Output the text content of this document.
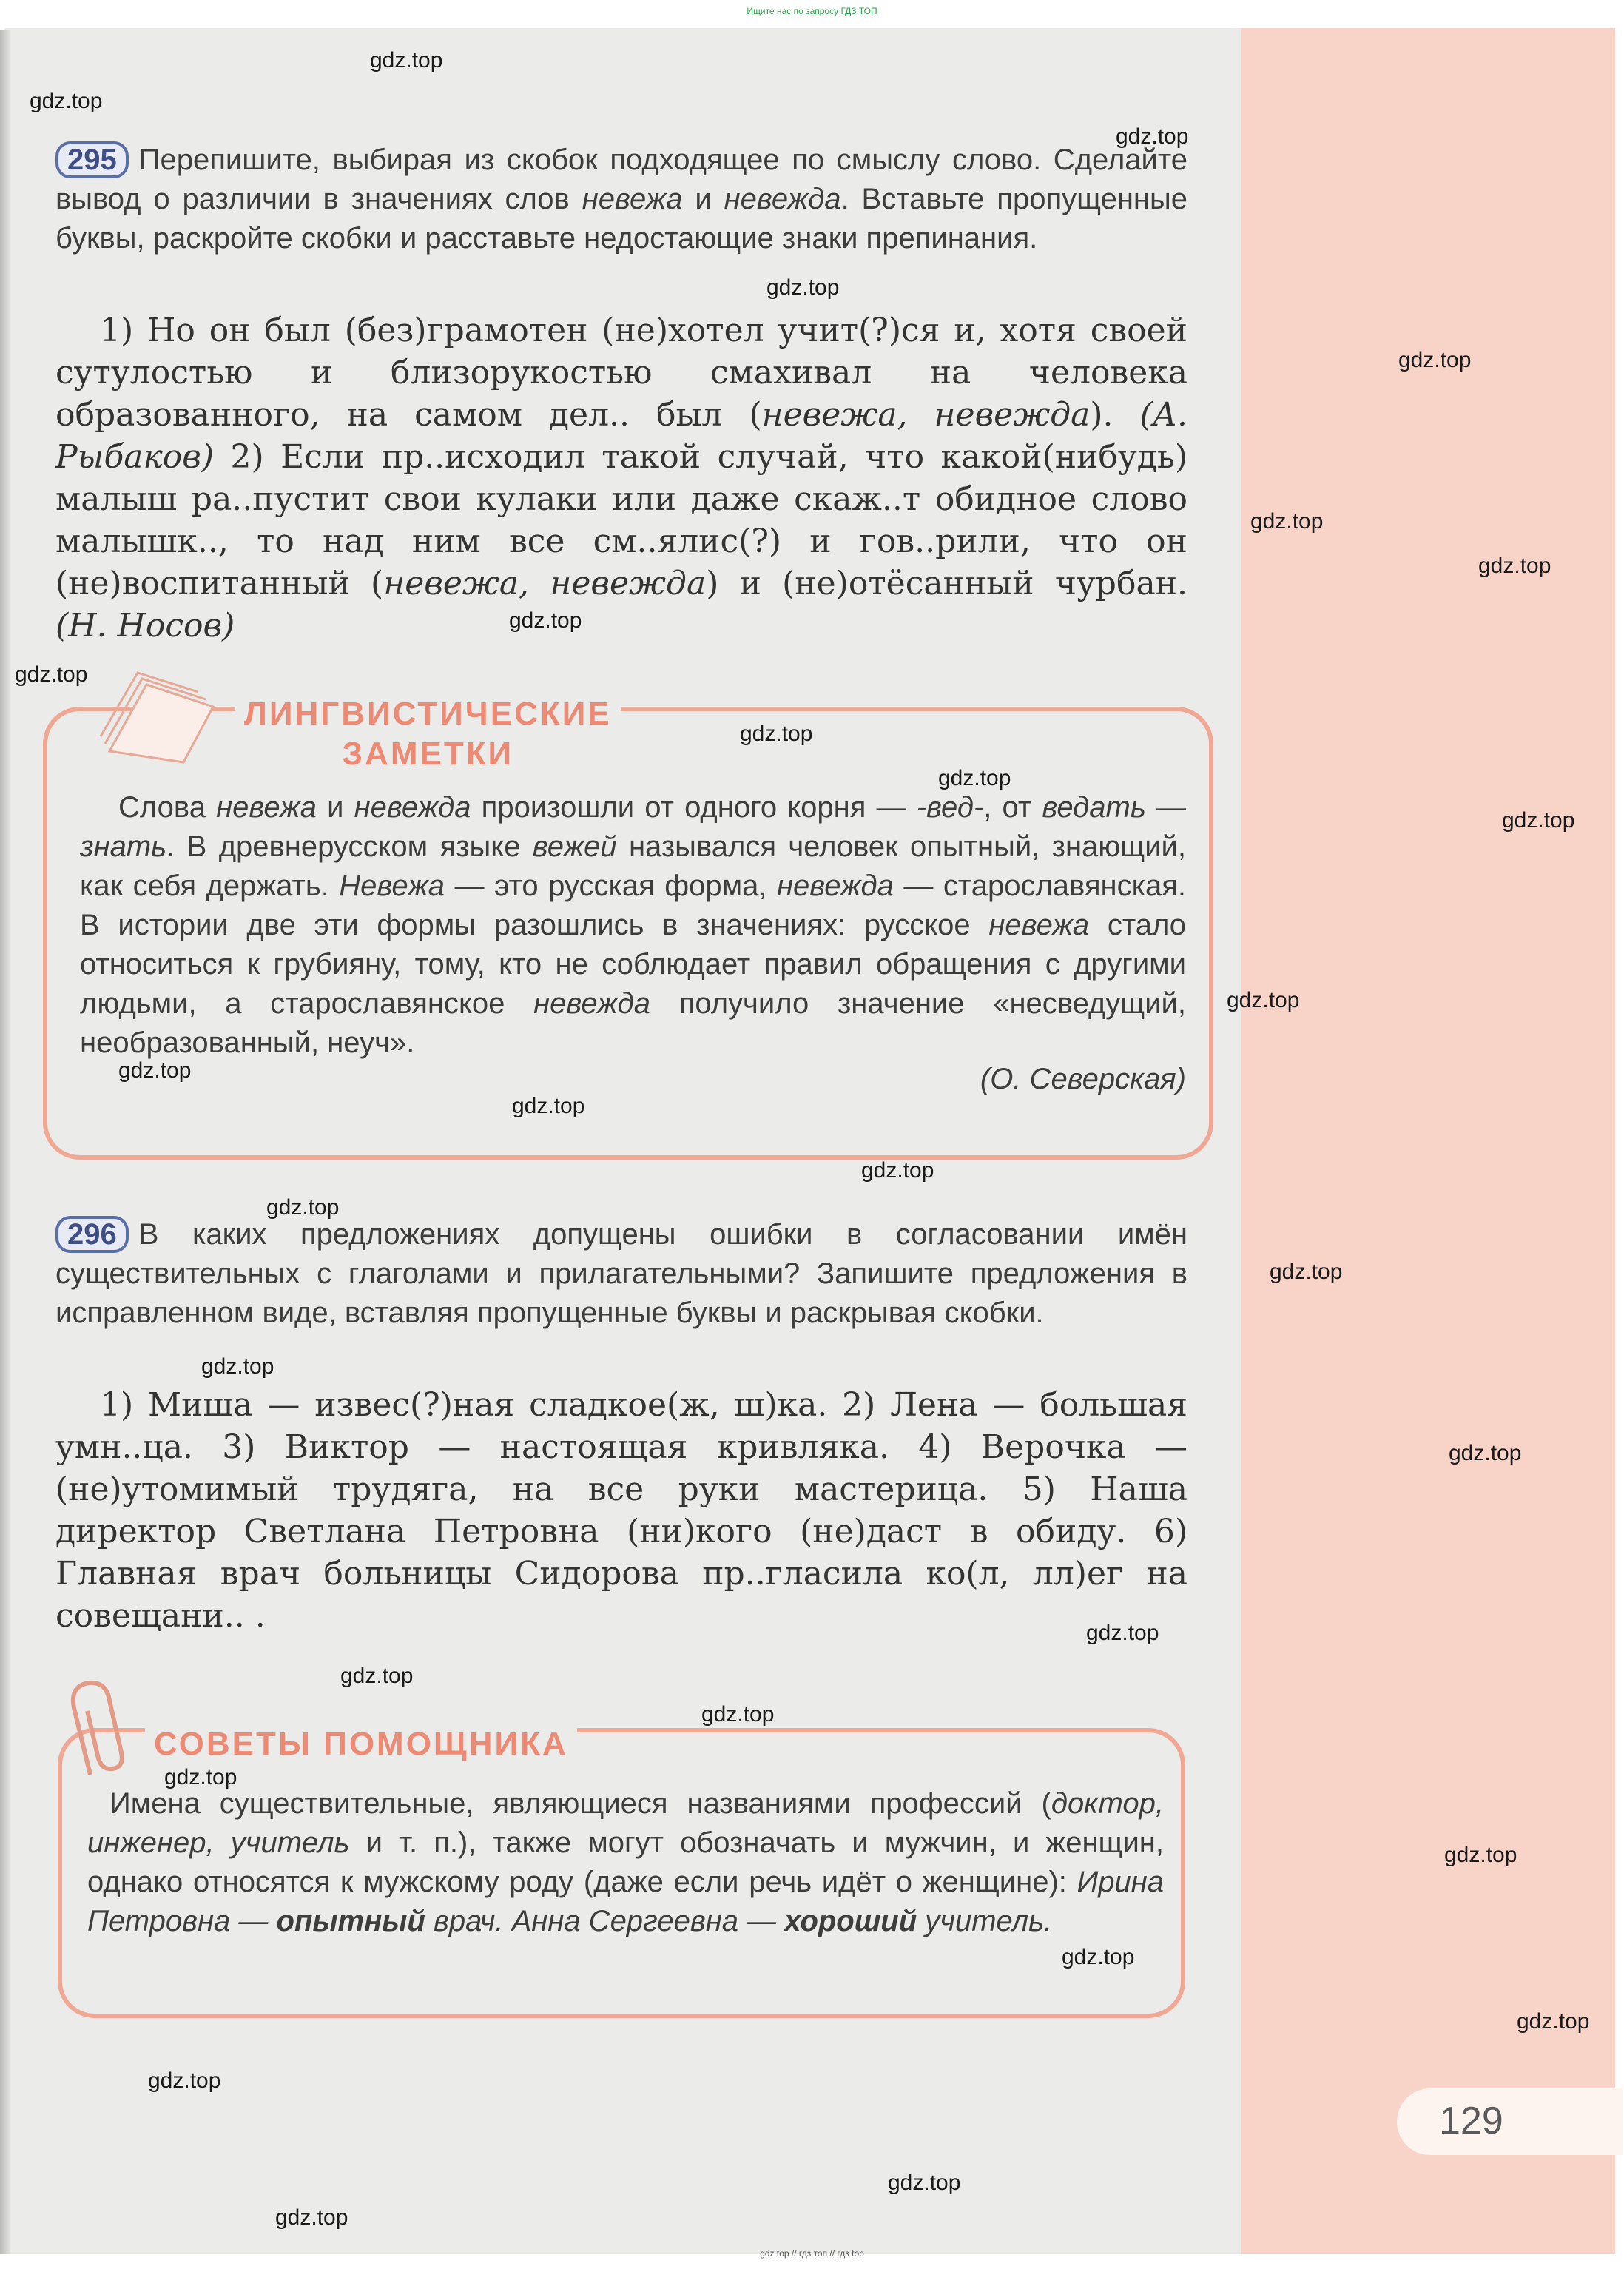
Ищите нас по запросу ГДЗ ТОП
295 Перепишите, выбирая из скобок подходящее по смыслу слово. Сделайте вывод о различии в значениях слов невежа и невежда. Вставьте пропущенные буквы, раскройте скобки и расставьте недостающие знаки препинания.
1) Но он был (без)грамотен (не)хотел учит(?)ся и, хотя своей сутулостью и близорукостью смахивал на человека образованного, на самом дел.. был (невежа, невежда). (А. Рыбаков) 2) Если пр..исходил такой случай, что какой(нибудь) малыш ра..пустит свои кулаки или даже скаж..т обидное слово малышк.., то над ним все см..ялис(?) и гов..рили, что он (не)воспитанный (невежа, невежда) и (не)отёсанный чурбан. (Н. Носов)
ЛИНГВИСТИЧЕСКИЕ
ЗАМЕТКИ
Слова невежа и невежда произошли от одного корня — -вед-, от ведать — знать. В древнерусском языке вежей назывался человек опытный, знающий, как себя держать. Невежа — это русская форма, невежда — старославянская. В истории две эти формы разошлись в значениях: русское невежа стало относиться к грубияну, тому, кто не соблюдает правил обращения с другими людьми, а старославянское невежда получило значение «несведущий, необразованный, неуч».
(О. Северская)
296 В каких предложениях допущены ошибки в согласовании имён существительных с глаголами и прилагательными? Запишите предложения в исправленном виде, вставляя пропущенные буквы и раскрывая скобки.
1) Миша — извес(?)ная сладкое(ж, ш)ка. 2) Лена — большая умн..ца. 3) Виктор — настоящая кривляка. 4) Верочка — (не)утомимый трудяга, на все руки мастерица. 5) Наша директор Светлана Петровна (ни)кого (не)даст в обиду. 6) Главная врач больницы Сидорова пр..гласила ко(л, лл)ег на совещани.. .
СОВЕТЫ ПОМОЩНИКА
Имена существительные, являющиеся названиями профессий (доктор, инженер, учитель и т. п.), также могут обозначать и мужчин, и женщин, однако относятся к мужскому роду (даже если речь идёт о женщине): Ирина Петровна — опытный врач. Анна Сергеевна — хороший учитель.
129
gdz.top
gdz.top
gdz.top
gdz.top
gdz.top
gdz.top
gdz.top
gdz.top
gdz.top
gdz.top
gdz.top
gdz.top
gdz.top
gdz.top
gdz.top
gdz.top
gdz.top
gdz.top
gdz.top
gdz.top
gdz.top
gdz.top
gdz.top
gdz.top
gdz.top
gdz.top
gdz.top
gdz.top
gdz.top
gdz.top
gdz top // гдз топ // гдз top
